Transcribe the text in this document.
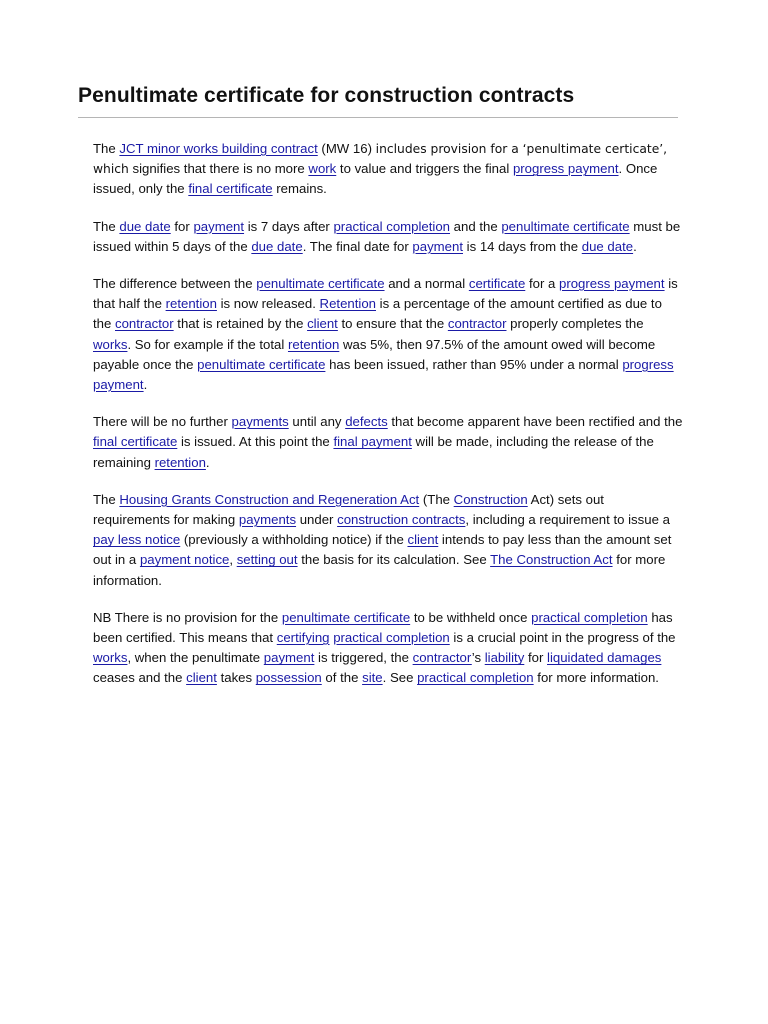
Penultimate certificate for construction contracts

The JCT minor works building contract (MW 16) includes provision for a ‘penultimate certicate’, which signifies that there is no more work to value and triggers the final progress payment. Once issued, only the final certificate remains.

The due date for payment is 7 days after practical completion and the penultimate certificate must be issued within 5 days of the due date. The final date for payment is 14 days from the due date.

The difference between the penultimate certificate and a normal certificate for a progress payment is that half the retention is now released. Retention is a percentage of the amount certified as due to the contractor that is retained by the client to ensure that the contractor properly completes the works. So for example if the total retention was 5%, then 97.5% of the amount owed will become payable once the penultimate certificate has been issued, rather than 95% under a normal progress payment.

There will be no further payments until any defects that become apparent have been rectified and the final certificate is issued. At this point the final payment will be made, including the release of the remaining retention.

The Housing Grants Construction and Regeneration Act (The Construction Act) sets out requirements for making payments under construction contracts, including a requirement to issue a pay less notice (previously a withholding notice) if the client intends to pay less than the amount set out in a payment notice, setting out the basis for its calculation. See The Construction Act for more information.

NB There is no provision for the penultimate certificate to be withheld once practical completion has been certified. This means that certifying practical completion is a crucial point in the progress of the works, when the penultimate payment is triggered, the contractor’s liability for liquidated damages ceases and the client takes possession of the site. See practical completion for more information.
